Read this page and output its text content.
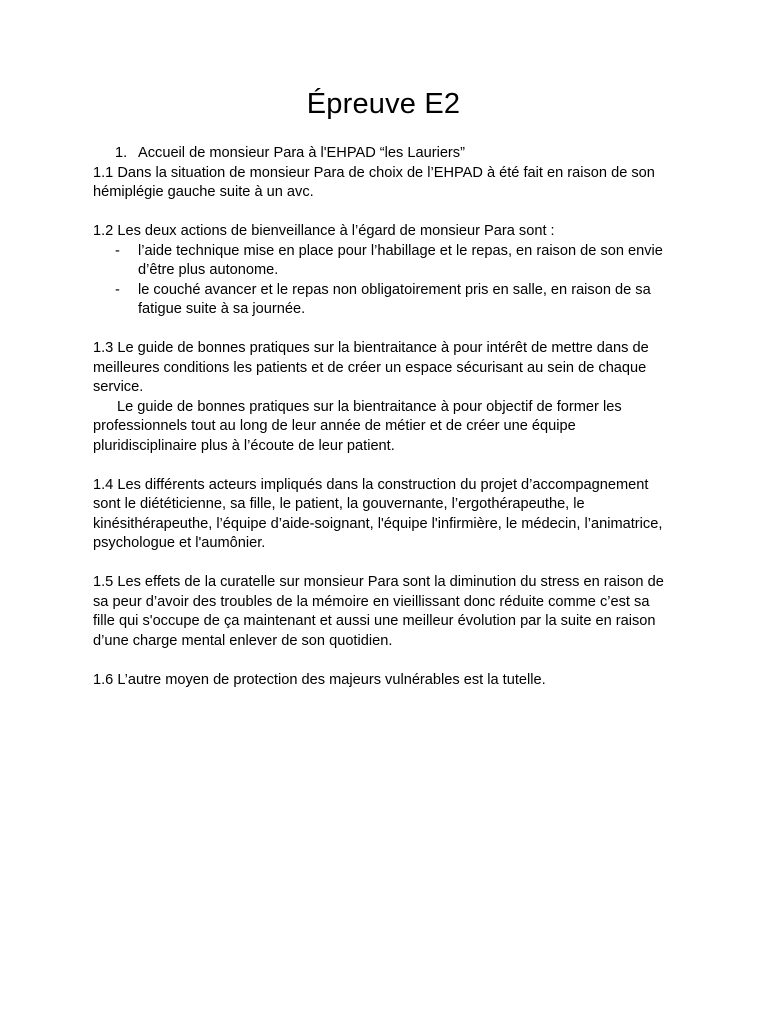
Épreuve E2
1. Accueil de monsieur Para à l'EHPAD “les Lauriers”

1.1 Dans la situation de monsieur Para de choix de l’EHPAD à été fait en raison de son hémiplégie gauche suite à un avc.

1.2 Les deux actions de bienveillance à l’égard de monsieur Para sont :

-	l’aide technique mise en place pour l’habillage et le repas, en raison de son envie d’être plus autonome.
-	le couché avancer et le repas non obligatoirement pris en salle, en raison de sa fatigue suite à sa journée.

1.3 Le guide de bonnes pratiques sur la bientraitance à pour intérêt de mettre dans de meilleures conditions les patients et de créer un espace sécurisant au sein de chaque service.

Le guide de bonnes pratiques sur la bientraitance à pour objectif de former les professionnels tout au long de leur année de métier et de créer une équipe pluridisciplinaire plus à l’écoute de leur patient.

1.4 Les différents acteurs impliqués dans la construction du projet d’accompagnement sont le diététicienne, sa fille, le patient, la gouvernante, l’ergothérapeuthe, le kinésithérapeuthe, l’équipe d’aide-soignant, l'équipe l'infirmière, le médecin, l’animatrice, psychologue et l'aumônier.

1.5 Les effets de la curatelle sur monsieur Para sont la diminution du stress en raison de sa peur d’avoir des troubles de la mémoire en vieillissant donc réduite comme c’est sa fille qui s'occupe de ça maintenant et aussi une meilleur évolution par la suite en raison d’une charge mental enlever de son quotidien.

1.6 L’autre moyen de protection des majeurs vulnérables est la tutelle.
